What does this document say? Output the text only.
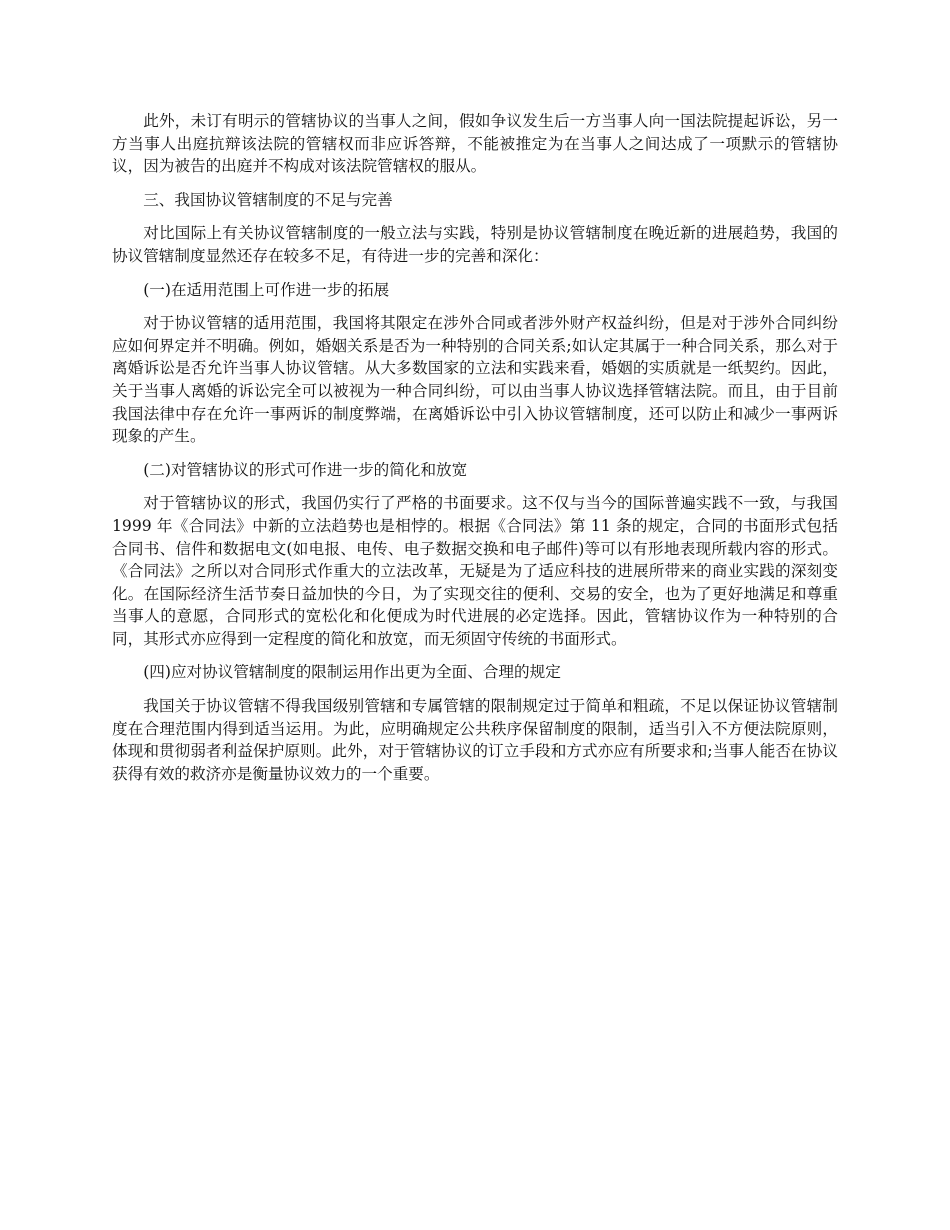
此外，未订有明示的管辖协议的当事人之间，假如争议发生后一方当事人向一国法院提起诉讼，另一方当事人出庭抗辩该法院的管辖权而非应诉答辩，不能被推定为在当事人之间达成了一项默示的管辖协议，因为被告的出庭并不构成对该法院管辖权的服从。

三、我国协议管辖制度的不足与完善

对比国际上有关协议管辖制度的一般立法与实践，特别是协议管辖制度在晚近新的进展趋势，我国的协议管辖制度显然还存在较多不足，有待进一步的完善和深化：

(一)在适用范围上可作进一步的拓展

对于协议管辖的适用范围，我国将其限定在涉外合同或者涉外财产权益纠纷，但是对于涉外合同纠纷应如何界定并不明确。例如，婚姻关系是否为一种特别的合同关系;如认定其属于一种合同关系，那么对于离婚诉讼是否允许当事人协议管辖。从大多数国家的立法和实践来看，婚姻的实质就是一纸契约。因此，关于当事人离婚的诉讼完全可以被视为一种合同纠纷，可以由当事人协议选择管辖法院。而且，由于目前我国法律中存在允许一事两诉的制度弊端，在离婚诉讼中引入协议管辖制度，还可以防止和减少一事两诉现象的产生。

(二)对管辖协议的形式可作进一步的简化和放宽

对于管辖协议的形式，我国仍实行了严格的书面要求。这不仅与当今的国际普遍实践不一致，与我国 1999 年《合同法》中新的立法趋势也是相悖的。根据《合同法》第 11 条的规定，合同的书面形式包括合同书、信件和数据电文(如电报、电传、电子数据交换和电子邮件)等可以有形地表现所载内容的形式。《合同法》之所以对合同形式作重大的立法改革，无疑是为了适应科技的进展所带来的商业实践的深刻变化。在国际经济生活节奏日益加快的今日，为了实现交往的便利、交易的安全，也为了更好地满足和尊重当事人的意愿，合同形式的宽松化和化便成为时代进展的必定选择。因此，管辖协议作为一种特别的合同，其形式亦应得到一定程度的简化和放宽，而无须固守传统的书面形式。

(四)应对协议管辖制度的限制运用作出更为全面、合理的规定

我国关于协议管辖不得我国级别管辖和专属管辖的限制规定过于简单和粗疏，不足以保证协议管辖制度在合理范围内得到适当运用。为此，应明确规定公共秩序保留制度的限制，适当引入不方便法院原则，体现和贯彻弱者利益保护原则。此外，对于管辖协议的订立手段和方式亦应有所要求和;当事人能否在协议获得有效的救济亦是衡量协议效力的一个重要。
